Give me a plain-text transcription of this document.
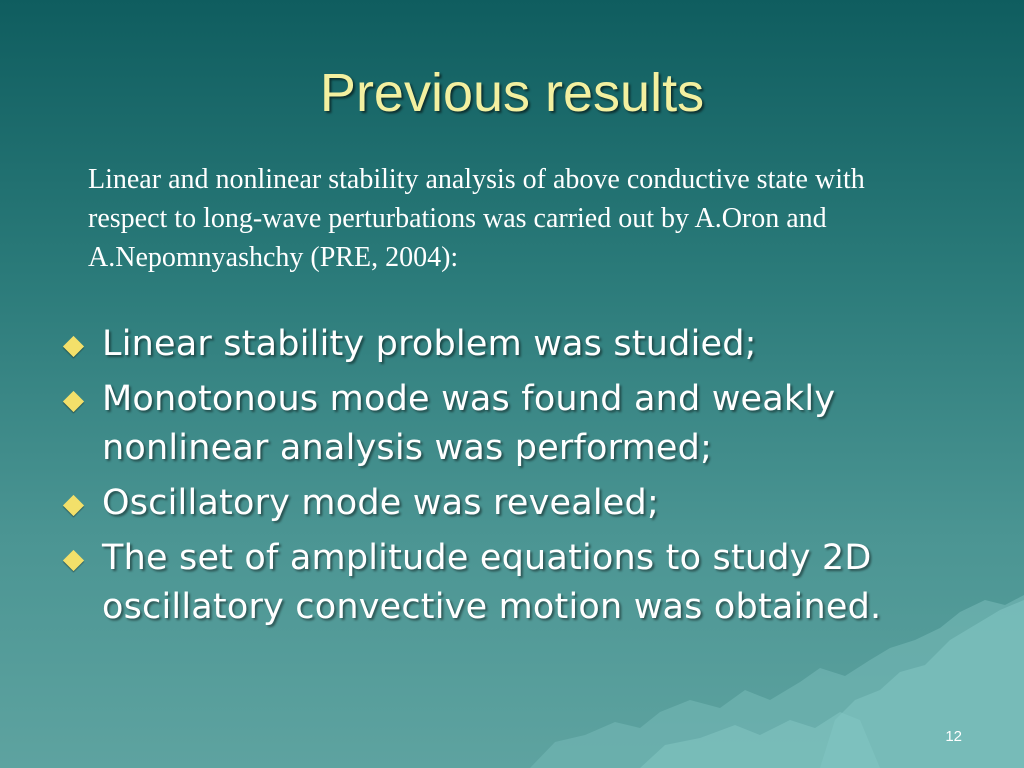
Previous results
Linear and nonlinear stability analysis of above conductive state with respect to long-wave perturbations was carried out by A.Oron and A.Nepomnyashchy (PRE, 2004):
Linear stability problem was studied;
Monotonous mode was found and weakly nonlinear analysis was performed;
Oscillatory mode was revealed;
The set of amplitude equations to study 2D oscillatory convective motion was obtained.
12
